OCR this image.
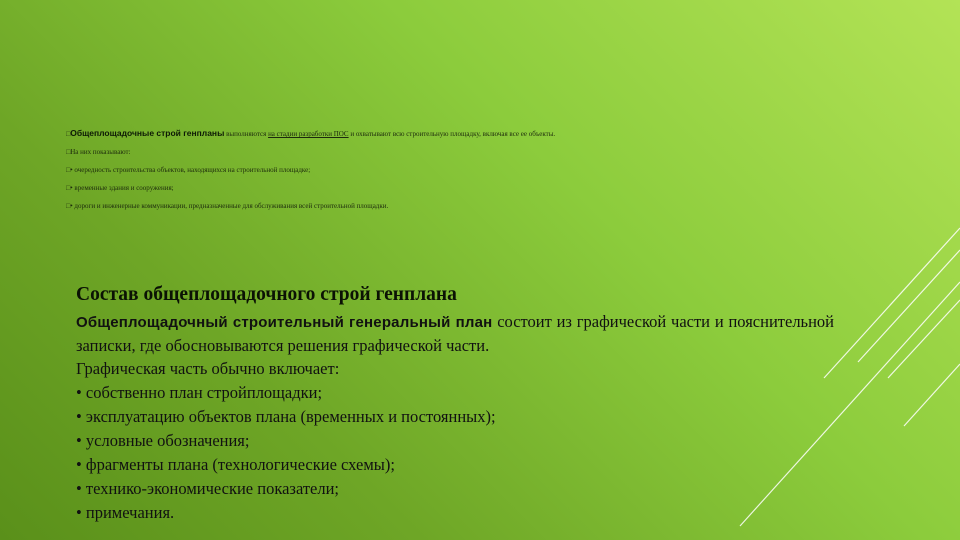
□Общеплощадочные строй генпланы выполняются на стадии разработки ПОС и охватывают всю строительную площадку, включая все ее объекты.
□На них показывают:
□• очередность строительства объектов, находящихся на строительной площадке;
□• временные здания и сооружения;
□• дороги и инженерные коммуникации, предназначенные для обслуживания всей строительной площадки.
Состав общеплощадочного строй генплана

Общеплощадочный строительный генеральный план состоит из графической части и пояснительной записки, где обосновываются решения графической части.

Графическая часть обычно включает:
• собственно план стройплощадки;
• эксплуатацию объектов плана (временных и постоянных);
• условные обозначения;
• фрагменты плана (технологические схемы);
• технико-экономические показатели;
• примечания.
